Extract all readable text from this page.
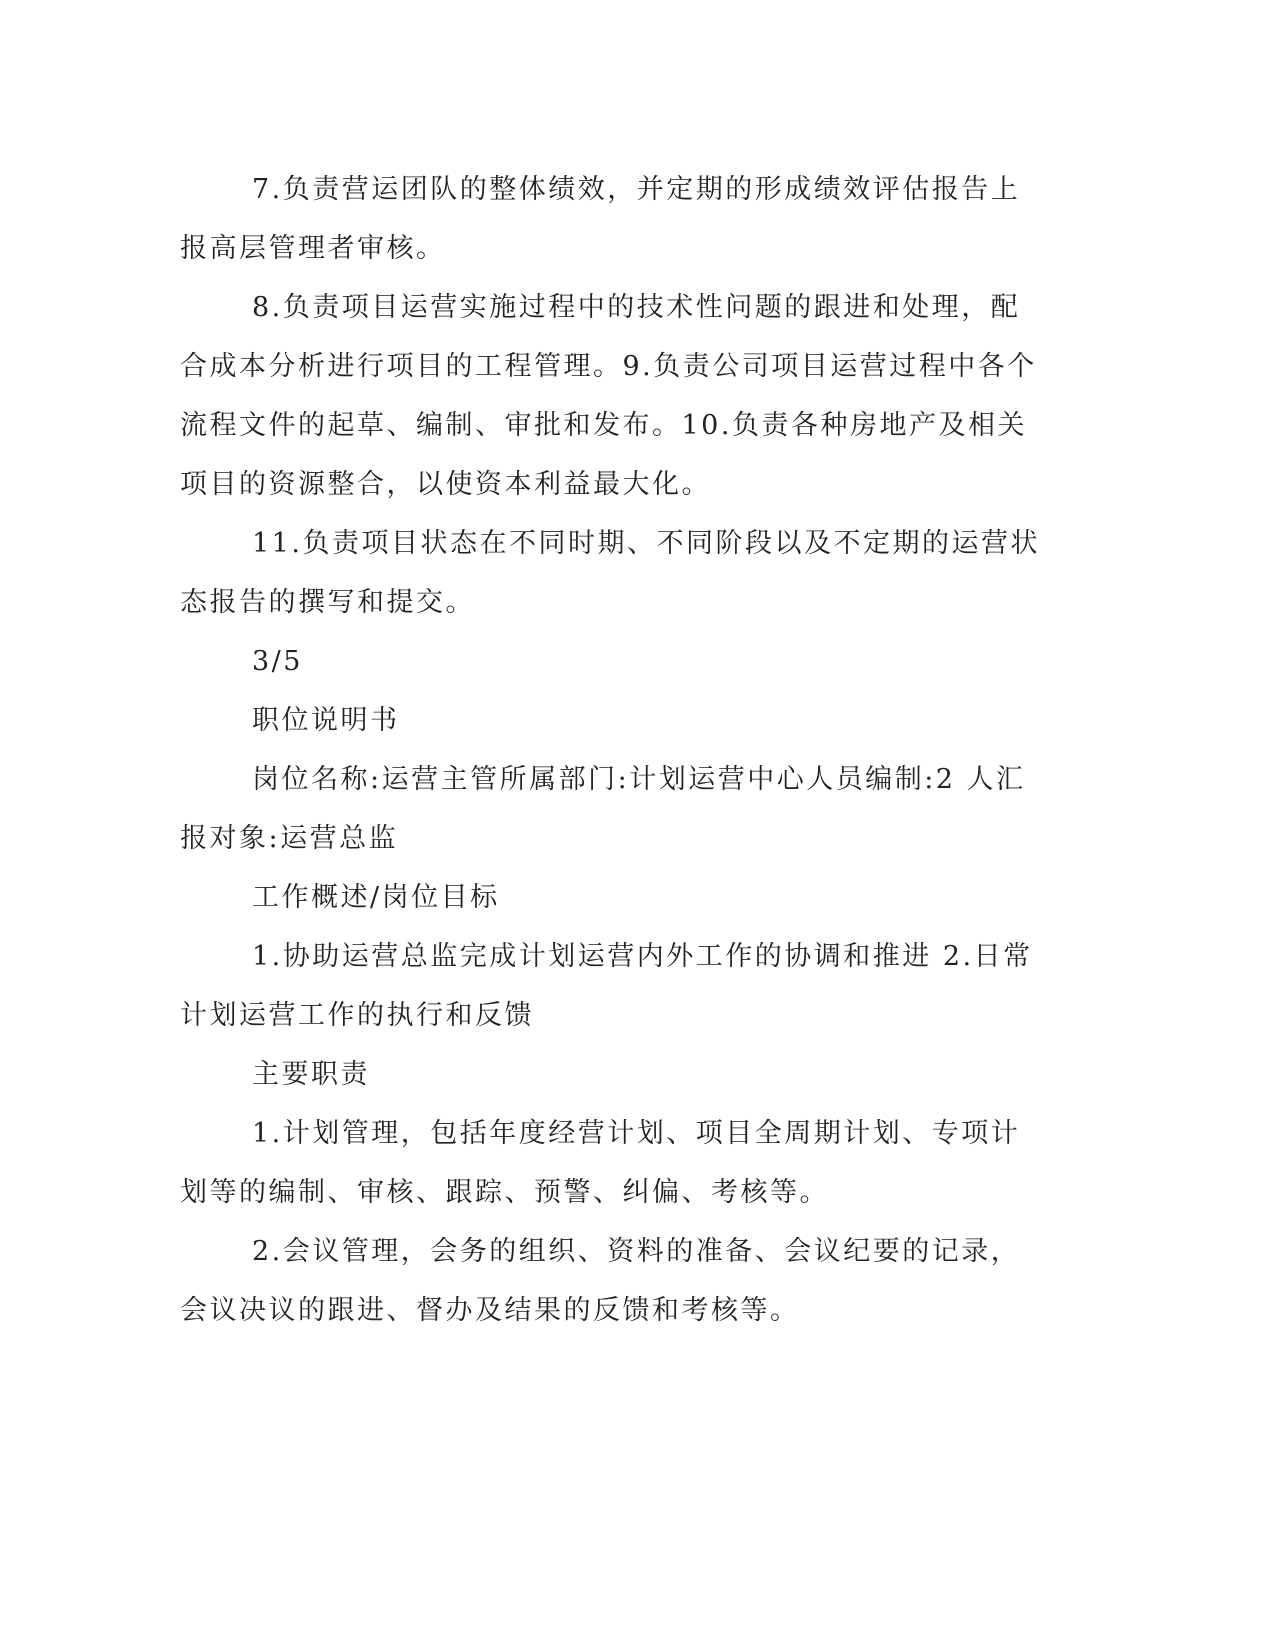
7.负责营运团队的整体绩效，并定期的形成绩效评估报告上报高层管理者审核。

8.负责项目运营实施过程中的技术性问题的跟进和处理，配合成本分析进行项目的工程管理。9.负责公司项目运营过程中各个流程文件的起草、编制、审批和发布。10.负责各种房地产及相关项目的资源整合，以使资本利益最大化。

11.负责项目状态在不同时期、不同阶段以及不定期的运营状态报告的撰写和提交。

3/5

职位说明书

岗位名称:运营主管所属部门:计划运营中心人员编制:2 人汇报对象:运营总监

工作概述/岗位目标

1.协助运营总监完成计划运营内外工作的协调和推进 2.日常计划运营工作的执行和反馈

主要职责

1.计划管理，包括年度经营计划、项目全周期计划、专项计划等的编制、审核、跟踪、预警、纠偏、考核等。

2.会议管理，会务的组织、资料的准备、会议纪要的记录，会议决议的跟进、督办及结果的反馈和考核等。
